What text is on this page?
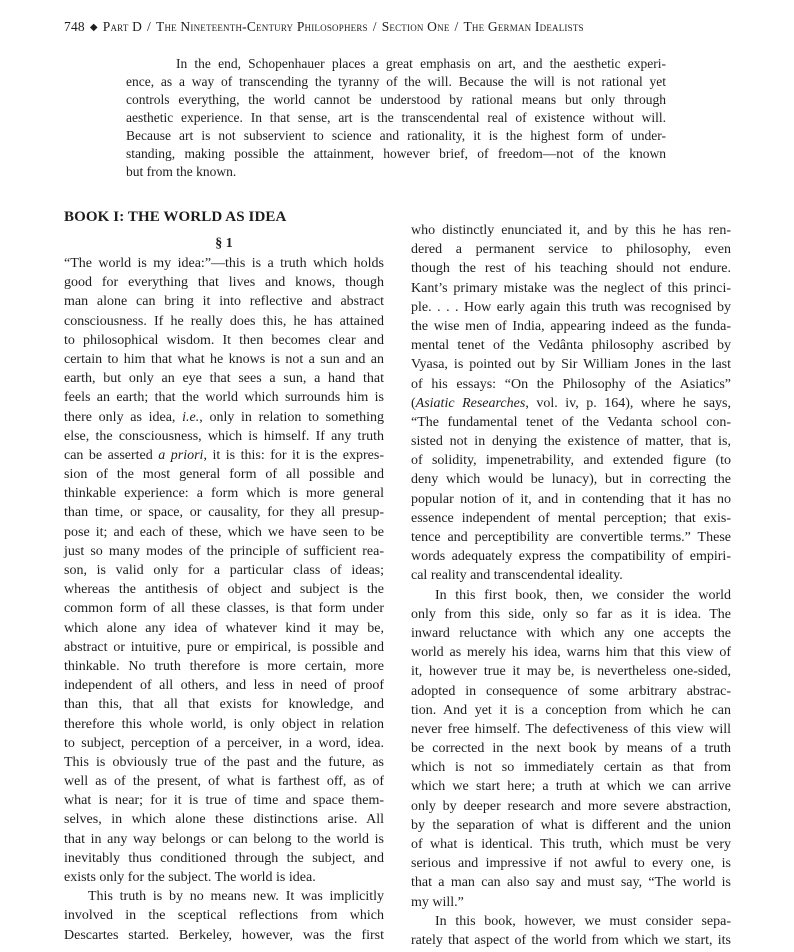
748 ◆ Part D / The Nineteenth-Century Philosophers / Section One / The German Idealists
In the end, Schopenhauer places a great emphasis on art, and the aesthetic experi-
ence, as a way of transcending the tyranny of the will. Because the will is not rational yet
controls everything, the world cannot be understood by rational means but only through
aesthetic experience. In that sense, art is the transcendental real of existence without will.
Because art is not subservient to science and rationality, it is the highest form of under-
standing, making possible the attainment, however brief, of freedom—not of the known
but from the known.
BOOK I: THE WORLD AS IDEA
§ 1
“The world is my idea:”—this is a truth which holds
good for everything that lives and knows, though
man alone can bring it into reflective and abstract
consciousness. If he really does this, he has attained
to philosophical wisdom. It then becomes clear and
certain to him that what he knows is not a sun and an
earth, but only an eye that sees a sun, a hand that
feels an earth; that the world which surrounds him is
there only as idea, i.e., only in relation to something
else, the consciousness, which is himself. If any truth
can be asserted a priori, it is this: for it is the expres-
sion of the most general form of all possible and
thinkable experience: a form which is more general
than time, or space, or causality, for they all presup-
pose it; and each of these, which we have seen to be
just so many modes of the principle of sufficient rea-
son, is valid only for a particular class of ideas;
whereas the antithesis of object and subject is the
common form of all these classes, is that form under
which alone any idea of whatever kind it may be,
abstract or intuitive, pure or empirical, is possible and
thinkable. No truth therefore is more certain, more
independent of all others, and less in need of proof
than this, that all that exists for knowledge, and
therefore this whole world, is only object in relation
to subject, perception of a perceiver, in a word, idea.
This is obviously true of the past and the future, as
well as of the present, of what is farthest off, as of
what is near; for it is true of time and space them-
selves, in which alone these distinctions arise. All
that in any way belongs or can belong to the world is
inevitably thus conditioned through the subject, and
exists only for the subject. The world is idea.
This truth is by no means new. It was implicitly
involved in the sceptical reflections from which
Descartes started. Berkeley, however, was the first
who distinctly enunciated it, and by this he has ren-
dered a permanent service to philosophy, even
though the rest of his teaching should not endure.
Kant’s primary mistake was the neglect of this princi-
ple. . . . How early again this truth was recognised by
the wise men of India, appearing indeed as the funda-
mental tenet of the Vedânta philosophy ascribed by
Vyasa, is pointed out by Sir William Jones in the last
of his essays: “On the Philosophy of the Asiatics”
(Asiatic Researches, vol. iv, p. 164), where he says,
“The fundamental tenet of the Vedanta school con-
sisted not in denying the existence of matter, that is,
of solidity, impenetrability, and extended figure (to
deny which would be lunacy), but in correcting the
popular notion of it, and in contending that it has no
essence independent of mental perception; that exis-
tence and perceptibility are convertible terms.” These
words adequately express the compatibility of empiri-
cal reality and transcendental ideality.
In this first book, then, we consider the world
only from this side, only so far as it is idea. The
inward reluctance with which any one accepts the
world as merely his idea, warns him that this view of
it, however true it may be, is nevertheless one-sided,
adopted in consequence of some arbitrary abstrac-
tion. And yet it is a conception from which he can
never free himself. The defectiveness of this view will
be corrected in the next book by means of a truth
which is not so immediately certain as that from
which we start here; a truth at which we can arrive
only by deeper research and more severe abstraction,
by the separation of what is different and the union
of what is identical. This truth, which must be very
serious and impressive if not awful to every one, is
that a man can also say and must say, “The world is
my will.”
In this book, however, we must consider sepa-
rately that aspect of the world from which we start, its
